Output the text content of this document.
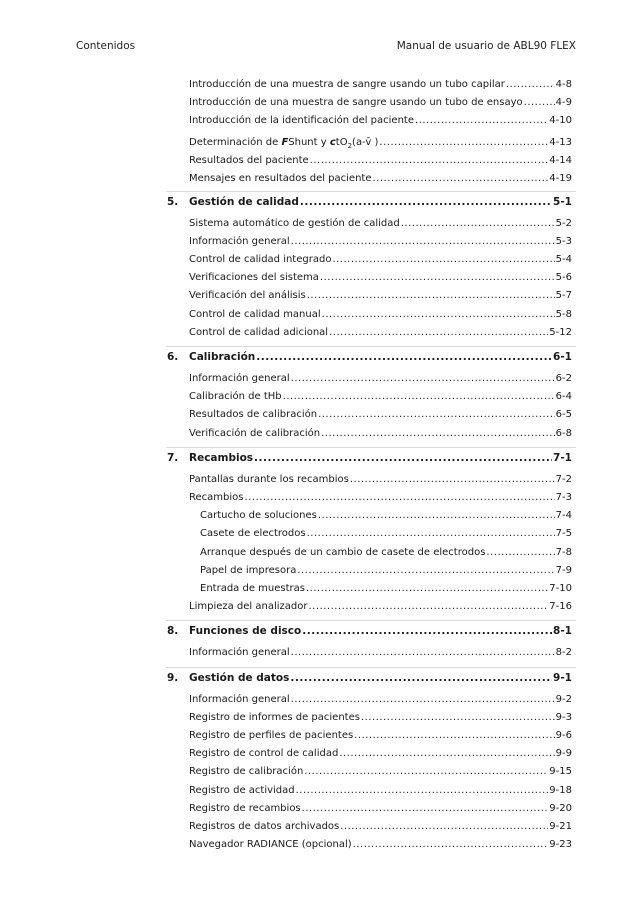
Contenidos	Manual de usuario de ABL90 FLEX
Introducción de una muestra de sangre usando un tubo capilar .....	4-8
Introducción de una muestra de sangre usando un tubo de ensayo .....	4-9
Introducción de la identificación del paciente .....	4-10
Determinación de FShunt y ctO$_2$(a-v̄ ) .....	4-13
Resultados del paciente .....	4-14
Mensajes en resultados del paciente .....	4-19
5.	Gestión de calidad .....	5-1
Sistema automático de gestión de calidad .....	5-2
Información general .....	5-3
Control de calidad integrado .....	5-4
Verificaciones del sistema .....	5-6
Verificación del análisis .....	5-7
Control de calidad manual .....	5-8
Control de calidad adicional .....	5-12
6.	Calibración .....	6-1
Información general .....	6-2
Calibración de tHb .....	6-4
Resultados de calibración .....	6-5
Verificación de calibración .....	6-8
7.	Recambios .....	7-1
Pantallas durante los recambios .....	7-2
Recambios .....	7-3
Cartucho de soluciones .....	7-4
Casete de electrodos .....	7-5
Arranque después de un cambio de casete de electrodos .....	7-8
Papel de impresora .....	7-9
Entrada de muestras .....	7-10
Limpieza del analizador .....	7-16
8.	Funciones de disco .....	8-1
Información general .....	8-2
9.	Gestión de datos .....	9-1
Información general .....	9-2
Registro de informes de pacientes .....	9-3
Registro de perfiles de pacientes .....	9-6
Registro de control de calidad .....	9-9
Registro de calibración .....	9-15
Registro de actividad .....	9-18
Registro de recambios .....	9-20
Registros de datos archivados .....	9-21
Navegador RADIANCE (opcional) .....	9-23
